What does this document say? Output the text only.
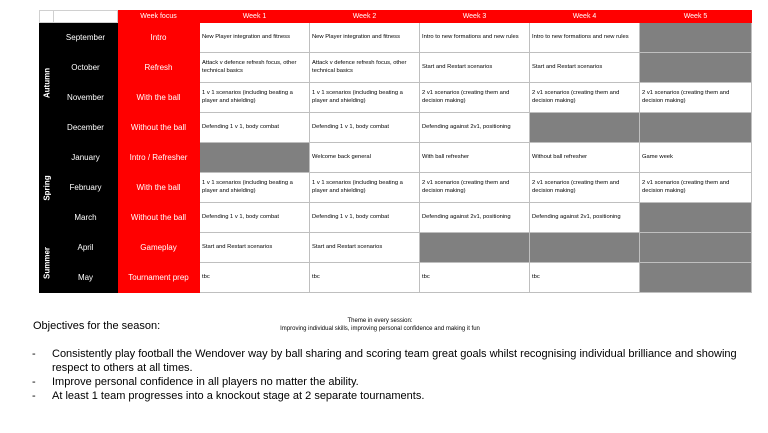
		Week focus	Week 1	Week 2	Week 3	Week 4	Week 5

Autumn	September	Intro	New Player integration and fitness	New Player integration and fitness	Intro to new formations and new rules	Intro to new formations and new rules	
	October	Refresh	Attack v defence refresh focus, other technical basics	Attack v defence refresh focus, other technical basics	Start and Restart scenarios	Start and Restart scenarios	
	November	With the ball	1 v 1 scenarios (including beating a player and shielding)	1 v 1 scenarios (including beating a player and shielding)	2 v1 scenarios (creating them and decision making)	2 v1 scenarios (creating them and decision making)	2 v1 scenarios (creating them and decision making)
	December	Without the ball	Defending 1 v 1, body combat	Defending 1 v 1, body combat	Defending against 2v1, positioning		

Spring	January	Intro / Refresher		Welcome back general	With ball refresher	Without ball refresher	Game week
	February	With the ball	1 v 1 scenarios (including beating a player and shielding)	1 v 1 scenarios (including beating a player and shielding)	2 v1 scenarios (creating them and decision making)	2 v1 scenarios (creating them and decision making)	2 v1 scenarios (creating them and decision making)
	March	Without the ball	Defending 1 v 1, body combat	Defending 1 v 1, body combat	Defending against 2v1, positioning	Defending against 2v1, positioning	

Summer	April	Gameplay	Start and Restart scenarios	Start and Restart scenarios			
	May	Tournament prep	tbc	tbc	tbc	tbc	
Objectives for the season:	Theme in every session:
Improving individual skills, improving personal confidence and making it fun
- Consistently play football the Wendover way by ball sharing and scoring team great goals whilst recognising individual brilliance and showing respect to others at all times.
- Improve personal confidence in all players no matter the ability.
- At least 1 team progresses into a knockout stage at 2 separate tournaments.
